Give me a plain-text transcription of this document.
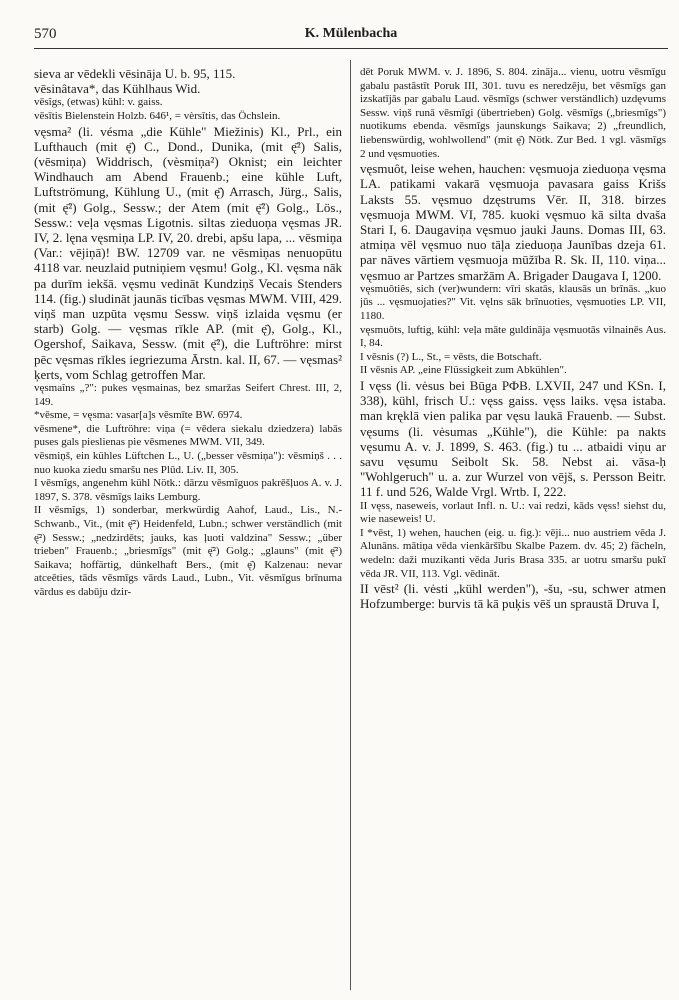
570	K. Mülenbacha

sieva ar vēdekli vēsināja U. b. 95, 115.

vēsinâtava*, das Kühlhaus Wid.

vēsîgs, (etwas) kühl: v. gaiss.

vēsītis Bielenstein Holzb. 646¹, = vèrsītis, das Öchslein.

vęsma² (li. vésma „die Kühle" Miežinis) Kl., Prl., ein Lufthauch (mit ę̄) C., Dond., Dunika, (mit ę̄²) Salis, (vēsmiņa) Widdrisch, (vèsmiņa²) Oknist; ein leichter Windhauch am Abend Frauenb.; eine kühle Luft, Luftströmung, Kühlung U., (mit ę̄) Arrasch, Jürg., Salis, (mit ę̄²) Golg., Sessw.; der Atem (mit ę̄²) Golg., Lös., Sessw.: veļa vęsmas Ligotnis. siltas zieduoņa vęsmas JR. IV, 2. lęna vęsmiņa LP. IV, 20. drebi, apšu lapa, ... vēsmiņa (Var.: vējiņā)! BW. 12709 var. ne vēsmiņas nenuopūtu 4118 var. neuzlaid putniņiem vęsmu! Golg., Kl. vęsma nāk pa durīm iekšā. vęsmu vedināt Kundziņš Vecais Stenders 114. (fig.) sludināt jaunās ticības vęsmas MWM. VIII, 429. viņš man uzpūta vęsmu Sessw. viņš izlaida vęsmu (er starb) Golg. — vęsmas rīkle AP. (mit ę̄), Golg., Kl., Ogershof, Saikava, Sessw. (mit ę̄²), die Luftröhre: mirst pēc vęsmas rīkles iegriezuma Ārstn. kal. II, 67. — vęsmas² ķerts, vom Schlag getroffen Mar.

vęsmaîns „?": pukes vęsmainas, bez smaržas Seifert Chrest. III, 2, 149.

*vēsme, = vęsma: vasar[a]s vēsmīte BW. 6974.

vēsmene*, die Luftröhre: viņa (= vēdera siekalu dziedzera) labās puses gals pieslienas pie vēsmenes MWM. VII, 349.

vēsmiņš, ein kühles Lüftchen L., U. („besser vēsmiņa"): vēsmiņš . . . nuo kuoka ziedu smaršu nes Plūd. Liv. II, 305.

I vēsmîgs, angenehm kühl Nötk.: dārzu vēsmīguos pakrēšļuos A. v. J. 1897, S. 378. vēsmīgs laiks Lemburg.

II vēsmîgs, 1) sonderbar, merkwürdig Aahof, Laud., Lis., N.-Schwanb., Vit., (mit ę̄²) Heidenfeld, Lubn.; schwer verständlich (mit ę̄²) Sessw.; „nedzirdēts; jauks, kas ļuoti valdzina" Sessw.; „über trieben" Frauenb.; „briesmīgs" (mit ę̄²) Golg.; „glauns" (mit ę̄²) Saikava; hoffärtig, dünkelhaft Bers., (mit ę̄) Kalzenau: nevar atceēties, tāds vēsmīgs vārds Laud., Lubn., Vit. vēsmīgus brīnuma vārdus es dabūju dzir-

dēt Poruk MWM. v. J. 1896, S. 804. zināja... vienu, uotru vēsmīgu gabalu pastāstīt Poruk III, 301. tuvu es neredzēju, bet vēsmīgs gan izskatījās par gabalu Laud. vēsmīgs (schwer verständlich) uzdęvums Sessw. viņš runā vēsmīgi (übertrieben) Golg. vēsmīgs („briesmīgs") nuotikums ebenda. vēsmīgs jaunskungs Saikava; 2) „freundlich, liebenswürdig, wohlwollend" (mit ę̄) Nötk. Zur Bed. 1 vgl. vāsmīgs 2 und vęsmuoties.

vęsmuôt, leise wehen, hauchen: vęsmuoja zieduoņa vęsma LA. patikami vakarā vęsmuoja pavasara gaiss Krišs Laksts 55. vęsmuo dzęstrums Vēr. II, 318. birzes vęsmuoja MWM. VI, 785. kuoki vęsmuo kā silta dvaša Stari I, 6. Daugaviņa vęsmuo jauki Jauns. Domas III, 63. atmiņa vēl vęsmuo nuo tāļa zieduoņa Jaunības dzeja 61. par nāves vārtiem vęsmuoja mūžība R. Sk. II, 110. viņa... vęsmuo ar Partzes smaržām A. Brigader Daugava I, 1200.

vęsmuôtiês, sich (ver)wundern: vīri skatās, klausās un brīnās. „kuo jūs ... vęsmuojaties?" Vit. vęlns sāk brīnuoties, vęsmuoties LP. VII, 1180.

vęsmuôts, luftig, kühl: veļa māte guldināja vęsmuotās vilnainēs Aus. I, 84.

I vēsnis (?) L., St., = vēsts, die Botschaft.

II vēsnis AP. „eine Flüssigkeit zum Abkühlen".

I vęss (li. vėsus bei Būga РФВ. LXVII, 247 und KSn. I, 338), kühl, frisch U.: vęss gaiss. vęss laiks. vęsa istaba. man kręklā vien palika par vęsu laukā Frauenb. — Subst. vęsums (li. vėsumas „Kühle"), die Kühle: pa nakts vęsumu A. v. J. 1899, S. 463. (fig.) tu ... atbaidi viņu ar savu vęsumu Seibolt Sk. 58. Nebst ai. vāsa-ḥ "Wohlgeruch" u. a. zur Wurzel von vējš, s. Persson Beitr. 11 f. und 526, Walde Vrgl. Wrtb. I, 222.

II vęss, naseweis, vorlaut Infl. n. U.: vai redzi, kāds vęss! siehst du, wie naseweis! U.

I *vēst, 1) wehen, hauchen (eig. u. fig.): vēji... nuo austriem vēda J. Alunāns. mātiņa vēda vienkāršību Skalbe Pazem. dv. 45; 2) fächeln, wedeln: daži muzikanti vēda Juris Brasa 335. ar uotru smaršu pukī vēda JR. VII, 113. Vgl. vēdināt.

II vēst² (li. vėsti „kühl werden"), -šu, -su, schwer atmen Hofzumberge: burvis tā kā puķis vēš un spraustā Druva I,
